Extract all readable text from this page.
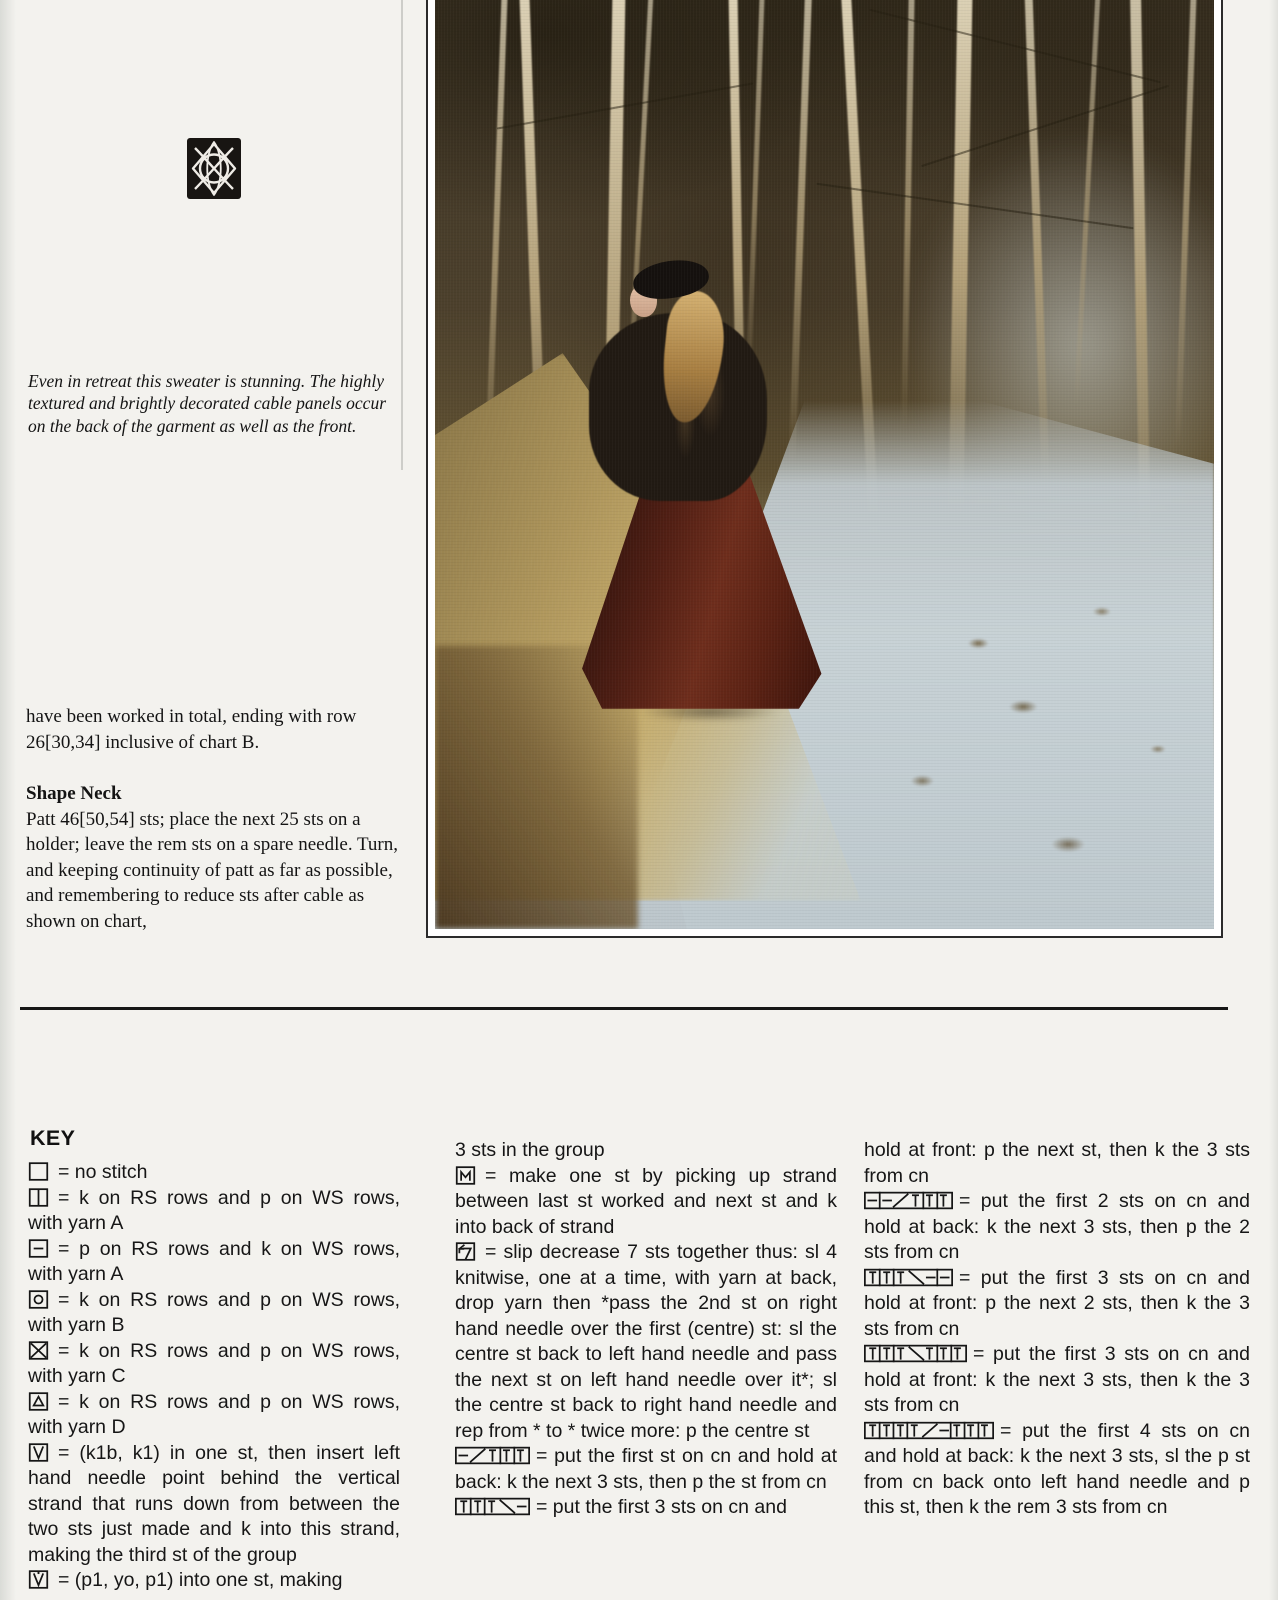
Even in retreat this sweater is stunning. The highly textured and brightly decorated cable panels occur on the back of the garment as well as the front.

have been worked in total, ending with row 26[30,34] inclusive of chart B.

Shape Neck

Patt 46[50,54] sts; place the next 25 sts on a holder; leave the rem sts on a spare needle. Turn, and keeping continuity of patt as far as possible, and remembering to reduce sts after cable as shown on chart,

KEY

= no stitch

= k on RS rows and p on WS rows, with yarn A

= p on RS rows and k on WS rows, with yarn A

= k on RS rows and p on WS rows, with yarn B

= k on RS rows and p on WS rows, with yarn C

= k on RS rows and p on WS rows, with yarn D

= (k1b, k1) in one st, then insert left hand needle point behind the vertical strand that runs down from between the two sts just made and k into this strand, making the third st of the group

= (p1, yo, p1) into one st, making

3 sts in the group

= make one st by picking up strand between last st worked and next st and k into back of strand

= slip decrease 7 sts together thus: sl 4 knitwise, one at a time, with yarn at back, drop yarn then *pass the 2nd st on right hand needle over the first (centre) st: sl the centre st back to left hand needle and pass the next st on left hand needle over it*; sl the centre st back to right hand needle and rep from * to * twice more: p the centre st

= put the first st on cn and hold at back: k the next 3 sts, then p the st from cn

= put the first 3 sts on cn and

hold at front: p the next st, then k the 3 sts from cn

= put the first 2 sts on cn and hold at back: k the next 3 sts, then p the 2 sts from cn

= put the first 3 sts on cn and hold at front: p the next 2 sts, then k the 3 sts from cn

= put the first 3 sts on cn and hold at front: k the next 3 sts, then k the 3 sts from cn

= put the first 4 sts on cn and hold at back: k the next 3 sts, sl the p st from cn back onto left hand needle and p this st, then k the rem 3 sts from cn
